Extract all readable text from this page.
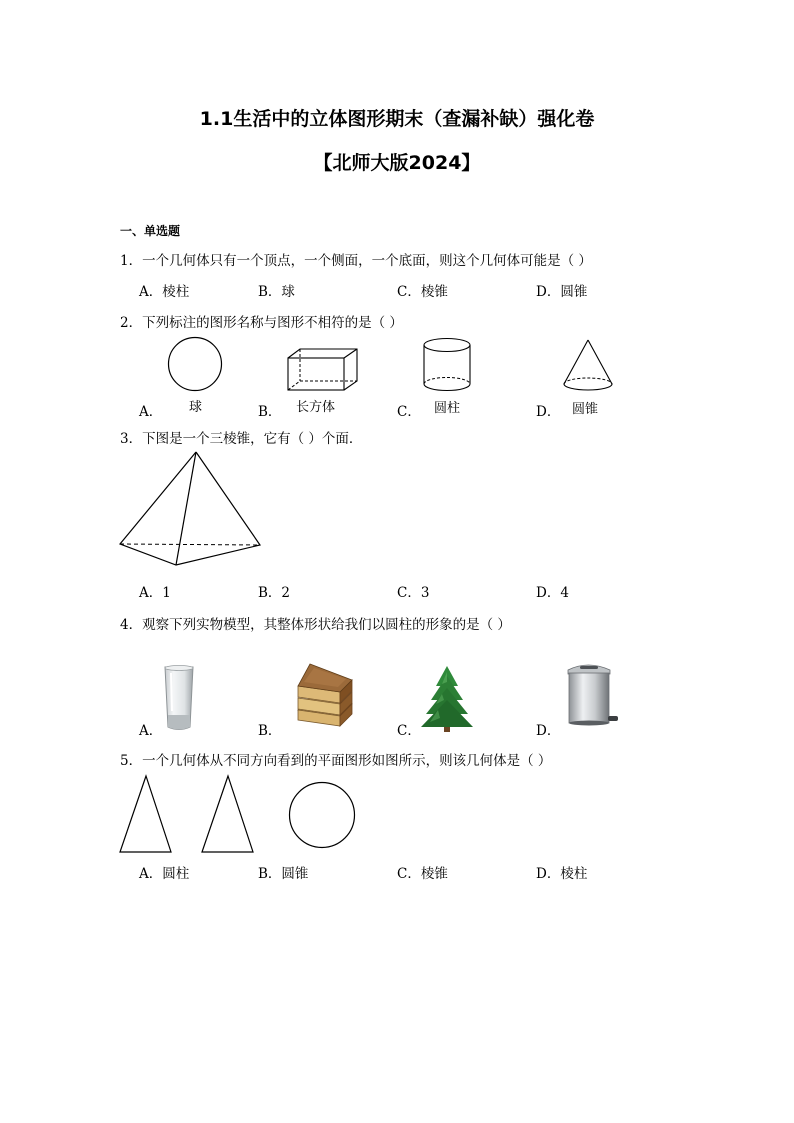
1.1生活中的立体图形期末（查漏补缺）强化卷
【北师大版2024】
一、单选题
1．一个几何体只有一个顶点，一个侧面，一个底面，则这个几何体可能是（ ）
A．棱柱	B．球	C．棱锥	D．圆锥
2．下列标注的图形名称与图形不相符的是（ ）
A．	B．	C．	D．
球	长方体	圆柱	圆锥
3．下图是一个三棱锥，它有（ ）个面．
A．1	B．2	C．3	D．4
4．观察下列实物模型，其整体形状给我们以圆柱的形象的是（ ）
A．	B．	C．	D．
5．一个几何体从不同方向看到的平面图形如图所示，则该几何体是（ ）
A．圆柱	B．圆锥	C．棱锥	D．棱柱
